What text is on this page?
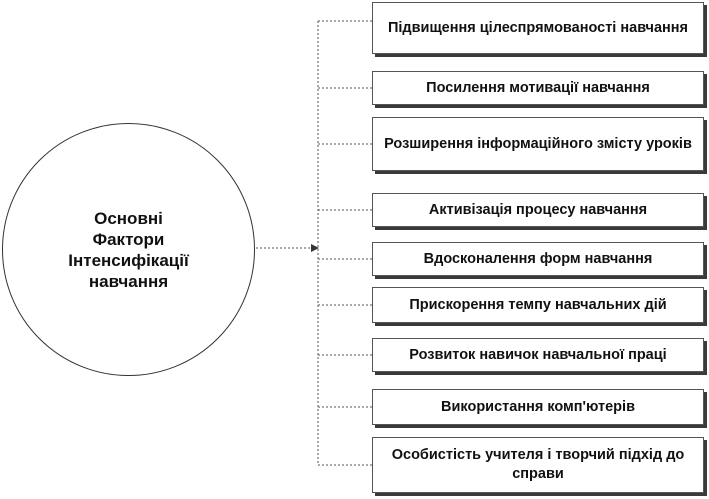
Основні
Фактори
Інтенсифікації
навчання
Підвищення цілеспрямованості навчання
Посилення мотивації навчання
Розширення інформаційного змісту уроків
Активізація процесу навчання
Вдосконалення форм навчання
Прискорення темпу навчальних дій
Розвиток навичок навчальної праці
Використання комп'ютерів
Особистість учителя і творчий підхід до справи
